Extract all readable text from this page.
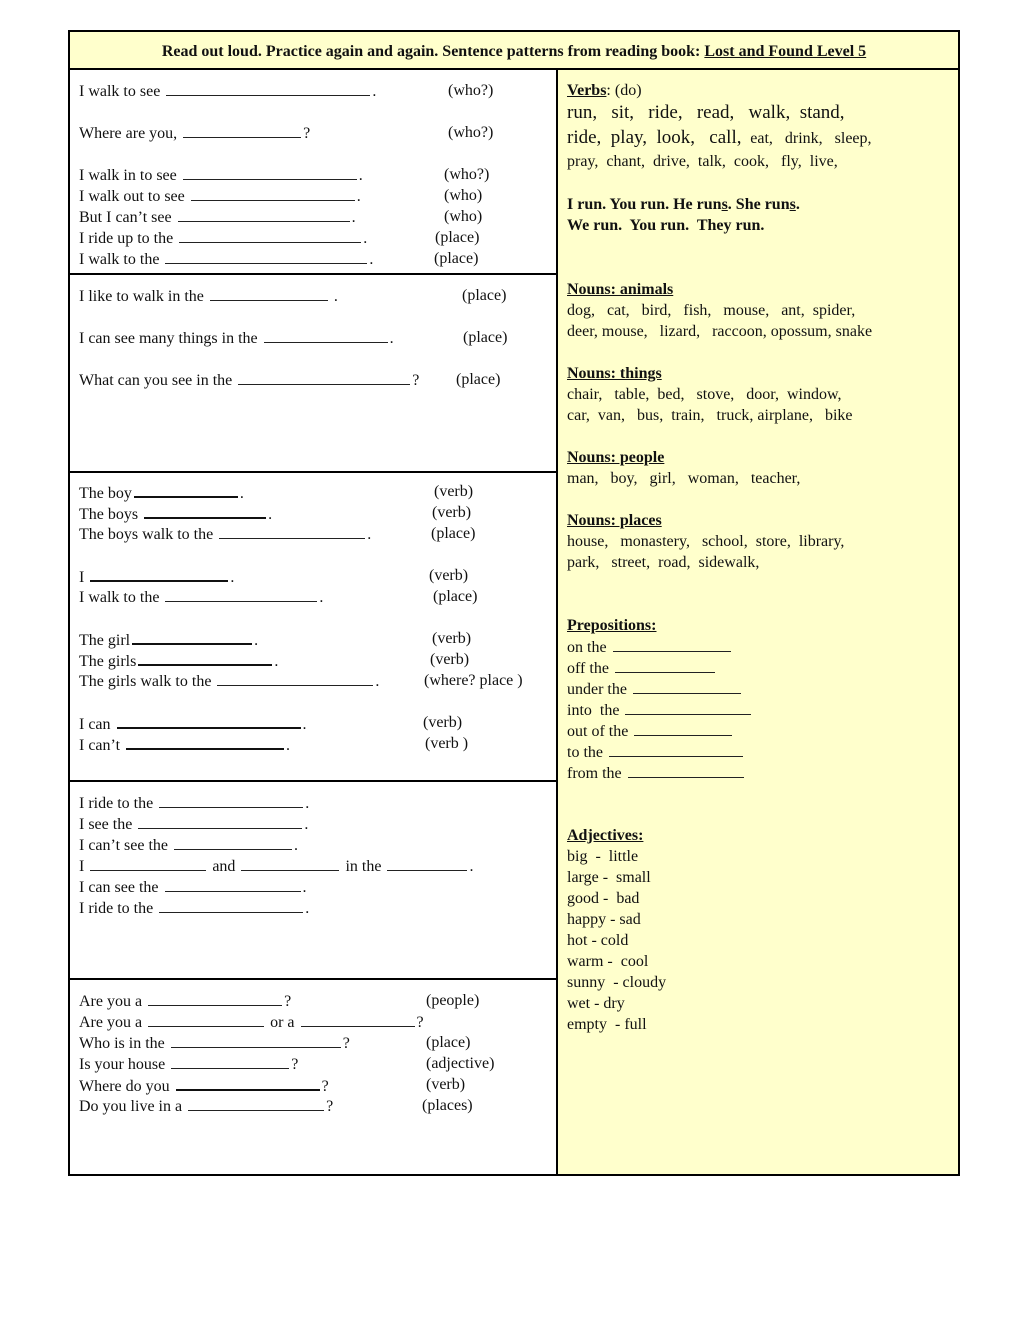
Read out loud. Practice again and again. Sentence patterns from reading book: Lost and Found Level 5
I walk to see	.	(who?)
Where are you,	?	(who?)
I walk in to see	.	(who?)
I walk out to see	.	(who)
But I can’t see	.	(who)
I ride up to the	.	(place)
I walk to the	.	(place)
I like to walk in the	.	(place)
I can see many things in the	.	(place)
What can you see in the	? (place)
The boy	.	(verb)
The boys	.	(verb)
The boys walk to the	.	(place)
I	.	(verb)
I walk to the	.	(place)
The girl	.	(verb)
The girls	.	(verb)
The girls walk to the	.	(where? place )
I can	.	(verb)
I can’t	.	(verb )
I ride to the	.
I see the	.
I can’t see the	.
I	and	in the	.
I can see the	.
I ride to the	.
Are you a	?	(people)
Are you a	or a	?
Who is in the	?	(place)
Is your house	?	(adjective)
Where do you	?	(verb)
Do you live in a	?	(places)
Verbs: (do)
run,   sit,   ride,   read,   walk,  stand,
ride,  play,  look,   call,  eat,   drink,   sleep,
pray,  chant,  drive,  talk,  cook,   fly,  live,
I run. You run. He runs. She runs.
We run.  You run.  They run.
Nouns: animals
dog,   cat,   bird,   fish,   mouse,   ant,  spider,
deer, mouse,   lizard,   raccoon, opossum, snake
Nouns: things
chair,   table,  bed,   stove,   door,  window,
car,  van,   bus,  train,   truck, airplane,   bike
Nouns: people
man,   boy,   girl,   woman,   teacher,
Nouns: places
house,   monastery,   school,  store,  library,
park,   street,  road,  sidewalk,
Prepositions:
on the
off the
under the
into  the
out of the
to the
from the
Adjectives:
big  -  little
large -  small
good -  bad
happy - sad
hot - cold
warm -  cool
sunny  - cloudy
wet - dry
empty  - full
